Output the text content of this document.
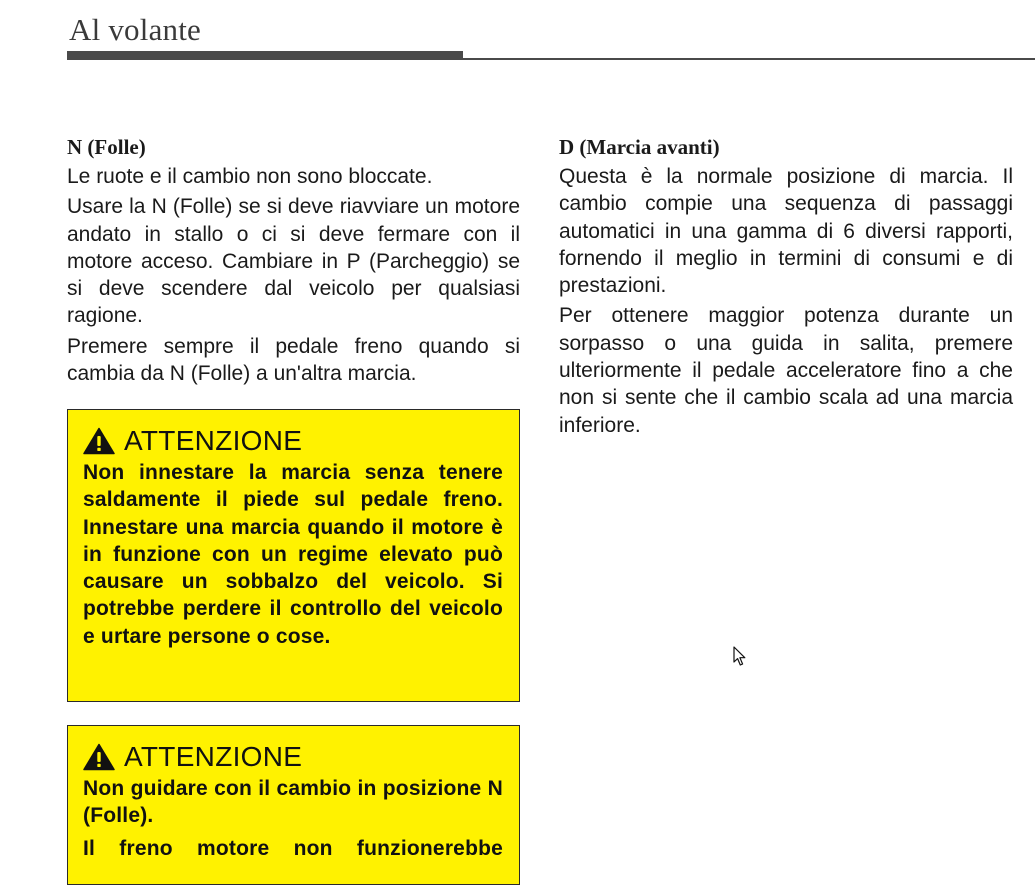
Al volante
N (Folle)

Le ruote e il cambio non sono bloccate.

Usare la N (Folle) se si deve riavviare un motore andato in stallo o ci si deve fermare con il motore acceso. Cambiare in P (Parcheggio) se si deve scendere dal veicolo per qualsiasi ragione.

Premere sempre il pedale freno quando si cambia da N (Folle) a un'altra marcia.

ATTENZIONE

Non innestare la marcia senza tenere saldamente il piede sul pedale freno. Innestare una marcia quando il motore è in funzione con un regime elevato può causare un sobbalzo del veicolo. Si potrebbe perdere il controllo del veicolo e urtare persone o cose.

ATTENZIONE

Non guidare con il cambio in posizione N (Folle).

Il freno motore non funzionerebbe

D (Marcia avanti)

Questa è la normale posizione di marcia. Il cambio compie una sequenza di passaggi automatici in una gamma di 6 diversi rapporti, fornendo il meglio in termini di consumi e di prestazioni.

Per ottenere maggior potenza durante un sorpasso o una guida in salita, premere ulteriormente il pedale acceleratore fino a che non si sente che il cambio scala ad una marcia inferiore.
